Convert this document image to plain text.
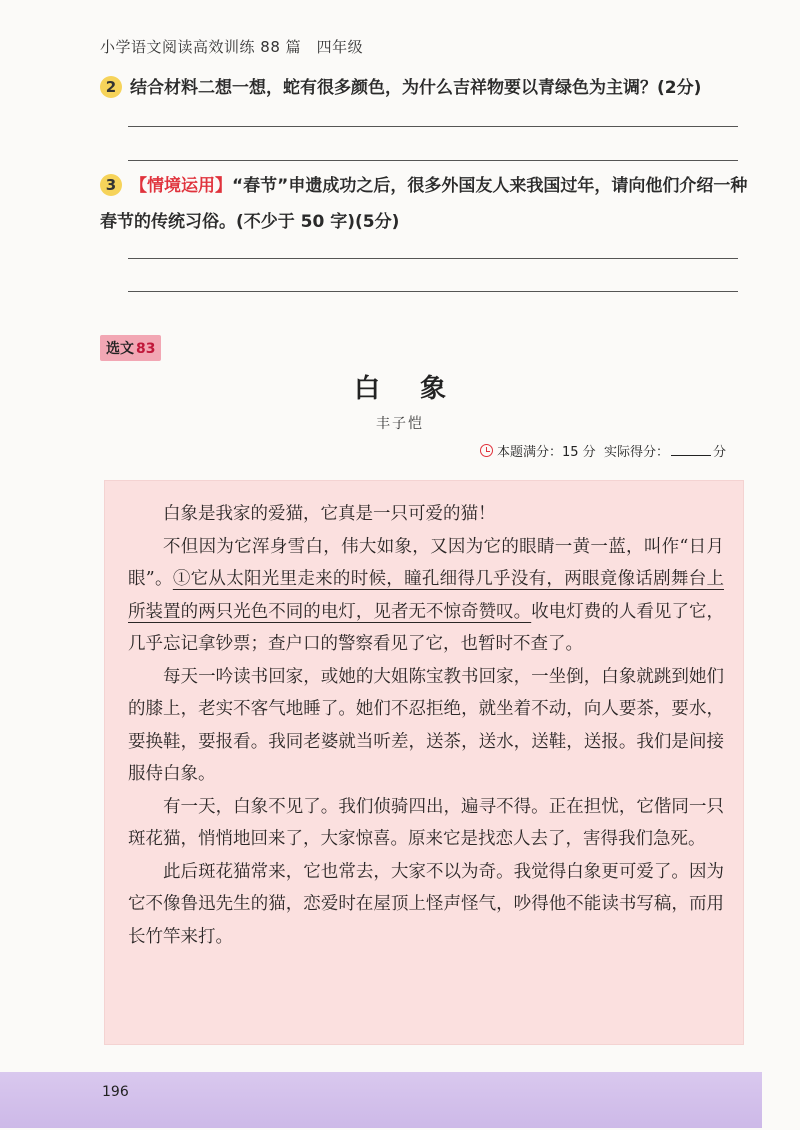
小学语文阅读高效训练 88 篇　四年级
2 结合材料二想一想，蛇有很多颜色，为什么吉祥物要以青绿色为主调？(2分)
3 【情境运用】“春节”申遗成功之后，很多外国友人来我国过年，请向他们介绍一种春节的传统习俗。(不少于 50 字)(5分)
选文 83
白象
丰子恺
本题满分：15 分 实际得分：	分

白象是我家的爱猫，它真是一只可爱的猫！

不但因为它浑身雪白，伟大如象，又因为它的眼睛一黄一蓝，叫作“日月眼”。①它从太阳光里走来的时候，瞳孔细得几乎没有，两眼竟像话剧舞台上所装置的两只光色不同的电灯，见者无不惊奇赞叹。收电灯费的人看见了它，几乎忘记拿钞票；查户口的警察看见了它，也暂时不查了。

每天一吟读书回家，或她的大姐陈宝教书回家，一坐倒，白象就跳到她们的膝上，老实不客气地睡了。她们不忍拒绝，就坐着不动，向人要茶，要水，要换鞋，要报看。我同老婆就当听差，送茶，送水，送鞋，送报。我们是间接服侍白象。

有一天，白象不见了。我们侦骑四出，遍寻不得。正在担忧，它偕同一只斑花猫，悄悄地回来了，大家惊喜。原来它是找恋人去了，害得我们急死。

此后斑花猫常来，它也常去，大家不以为奇。我觉得白象更可爱了。因为它不像鲁迅先生的猫，恋爱时在屋顶上怪声怪气，吵得他不能读书写稿，而用长竹竿来打。

196
